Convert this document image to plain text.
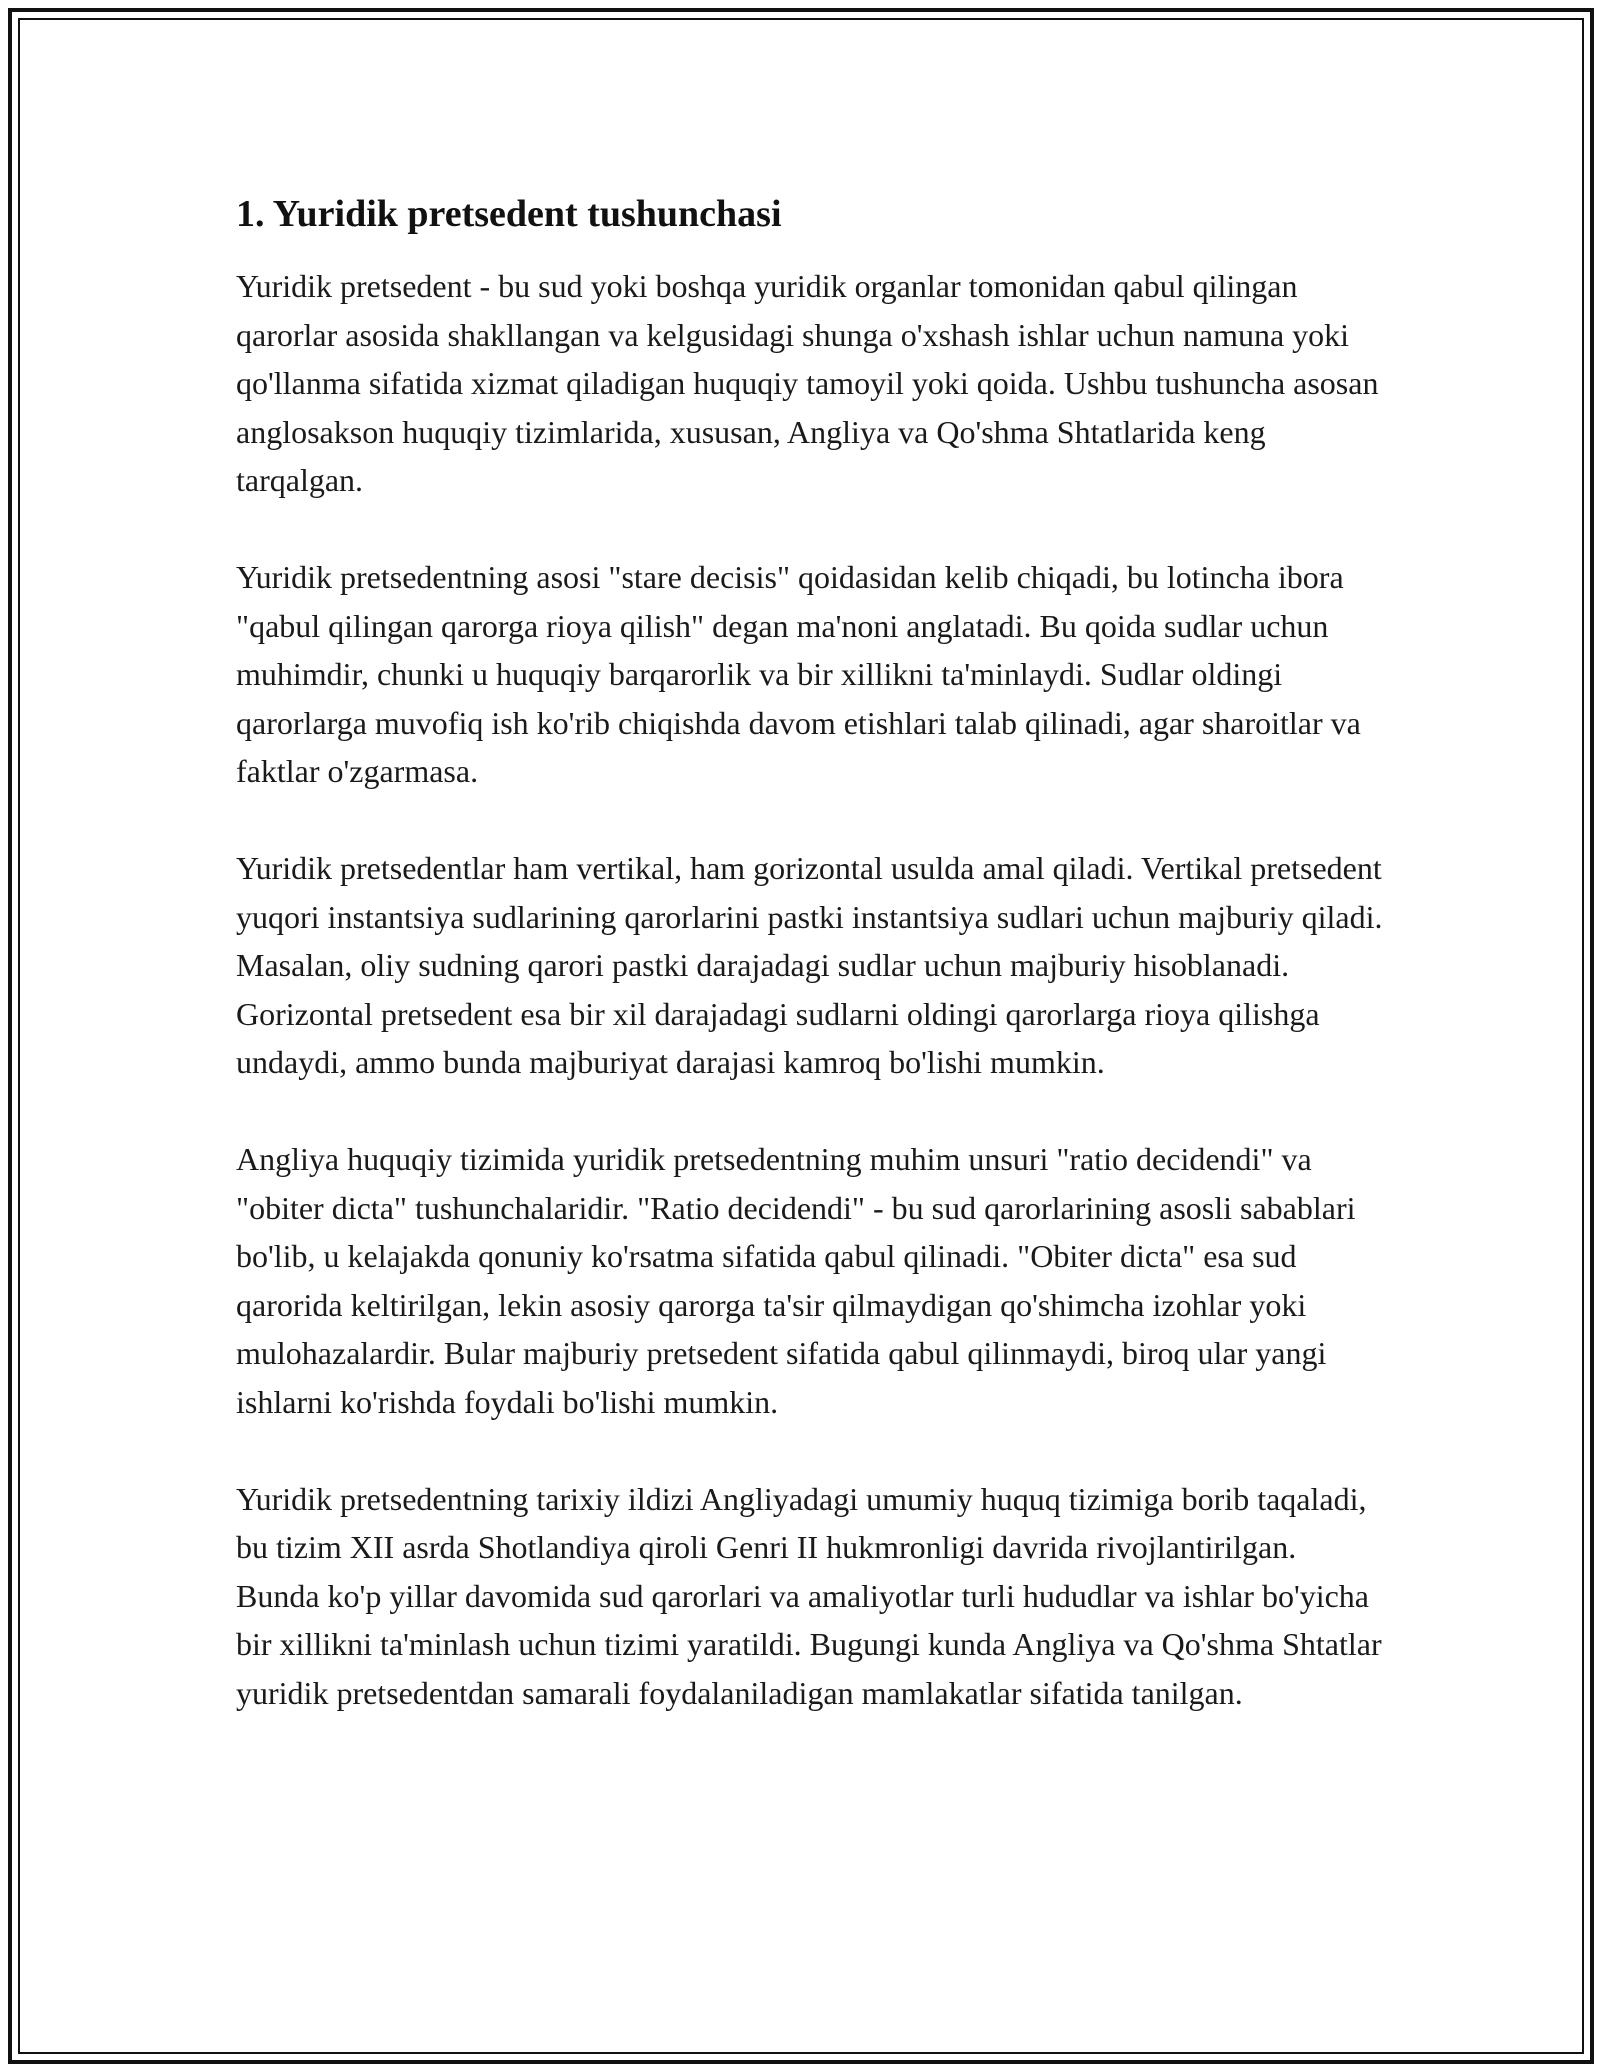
1. Yuridik pretsedent tushunchasi

Yuridik pretsedent - bu sud yoki boshqa yuridik organlar tomonidan qabul qilingan qarorlar asosida shakllangan va kelgusidagi shunga o'xshash ishlar uchun namuna yoki qo'llanma sifatida xizmat qiladigan huquqiy tamoyil yoki qoida. Ushbu tushuncha asosan anglosakson huquqiy tizimlarida, xususan, Angliya va Qo'shma Shtatlarida keng tarqalgan.

Yuridik pretsedentning asosi "stare decisis" qoidasidan kelib chiqadi, bu lotincha ibora "qabul qilingan qarorga rioya qilish" degan ma'noni anglatadi. Bu qoida sudlar uchun muhimdir, chunki u huquqiy barqarorlik va bir xillikni ta'minlaydi. Sudlar oldingi qarorlarga muvofiq ish ko'rib chiqishda davom etishlari talab qilinadi, agar sharoitlar va faktlar o'zgarmasa.

Yuridik pretsedentlar ham vertikal, ham gorizontal usulda amal qiladi. Vertikal pretsedent yuqori instantsiya sudlarining qarorlarini pastki instantsiya sudlari uchun majburiy qiladi. Masalan, oliy sudning qarori pastki darajadagi sudlar uchun majburiy hisoblanadi. Gorizontal pretsedent esa bir xil darajadagi sudlarni oldingi qarorlarga rioya qilishga undaydi, ammo bunda majburiyat darajasi kamroq bo'lishi mumkin.

Angliya huquqiy tizimida yuridik pretsedentning muhim unsuri "ratio decidendi" va "obiter dicta" tushunchalaridir. "Ratio decidendi" - bu sud qarorlarining asosli sabablari bo'lib, u kelajakda qonuniy ko'rsatma sifatida qabul qilinadi. "Obiter dicta" esa sud qarorida keltirilgan, lekin asosiy qarorga ta'sir qilmaydigan qo'shimcha izohlar yoki mulohazalardir. Bular majburiy pretsedent sifatida qabul qilinmaydi, biroq ular yangi ishlarni ko'rishda foydali bo'lishi mumkin.

Yuridik pretsedentning tarixiy ildizi Angliyadagi umumiy huquq tizimiga borib taqaladi, bu tizim XII asrda Shotlandiya qiroli Genri II hukmronligi davrida rivojlantirilgan. Bunda ko'p yillar davomida sud qarorlari va amaliyotlar turli hududlar va ishlar bo'yicha bir xillikni ta'minlash uchun tizimi yaratildi. Bugungi kunda Angliya va Qo'shma Shtatlar yuridik pretsedentdan samarali foydalaniladigan mamlakatlar sifatida tanilgan.
